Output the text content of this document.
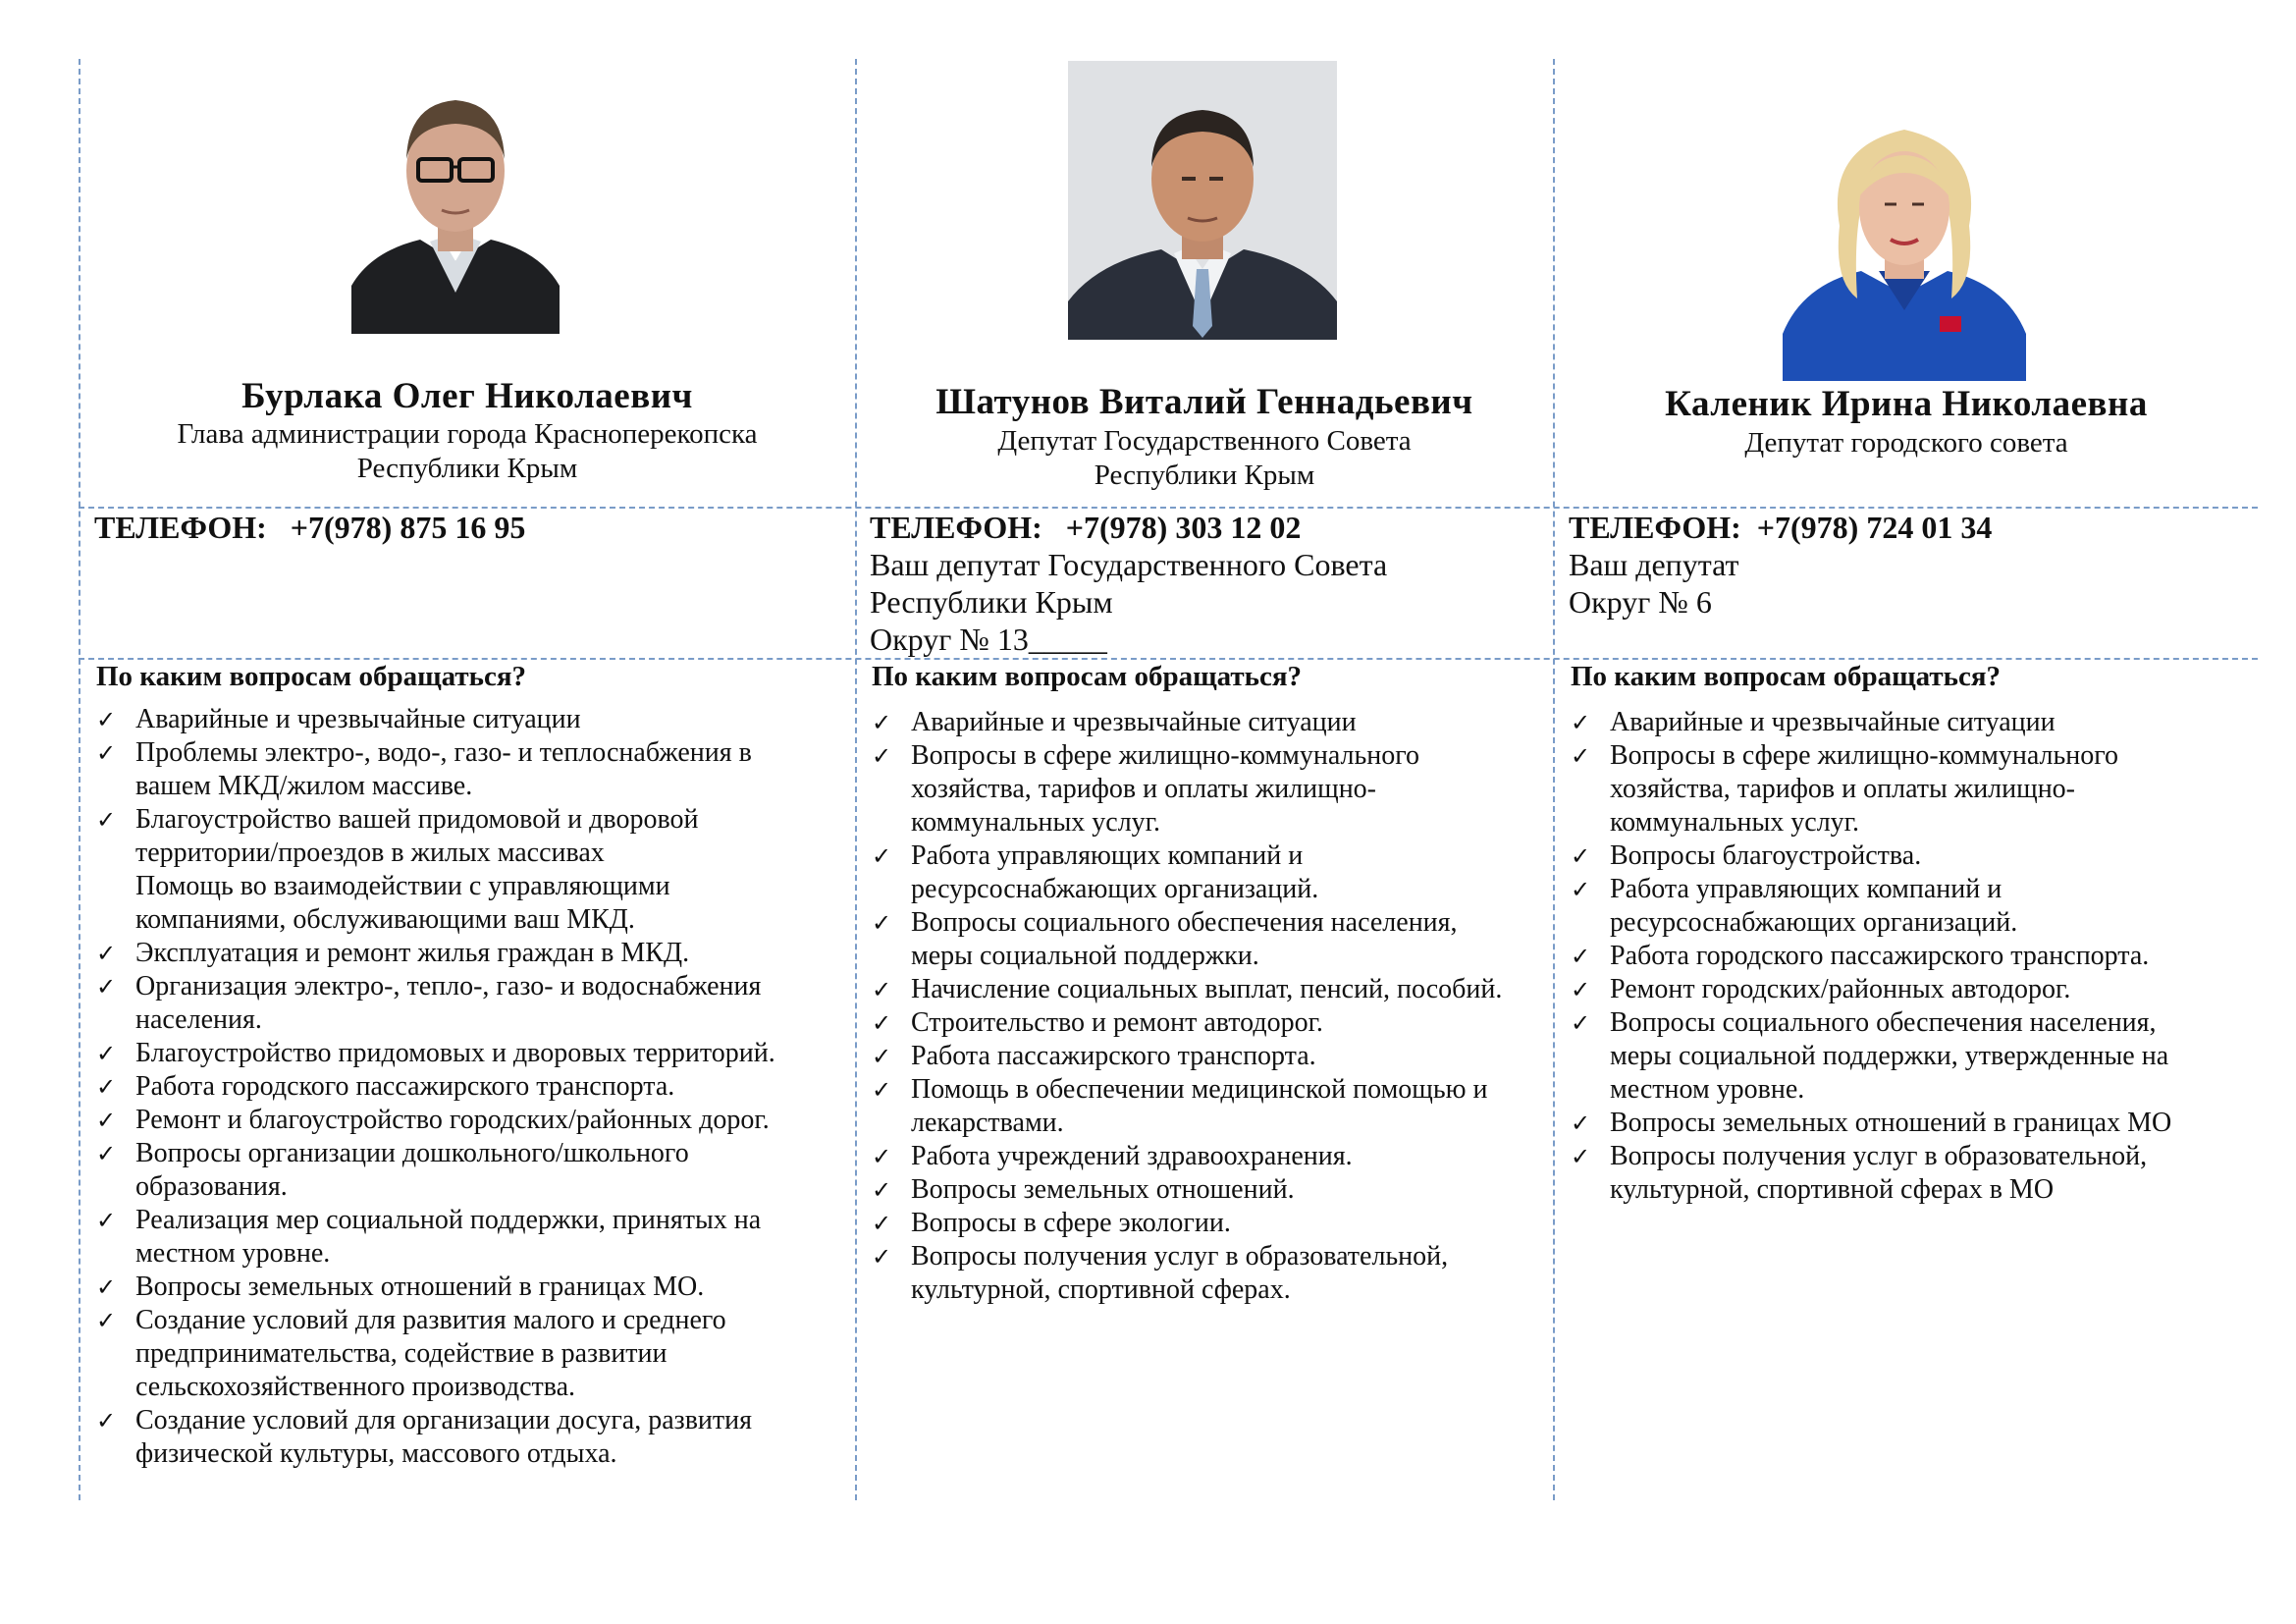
Бурлака Олег Николаевич
Глава администрации города Красноперекопска
Республики Крым
ТЕЛЕФОН: +7(978) 875 16 95
По каким вопросам обращаться?
✓ Аварийные и чрезвычайные ситуации
✓ Проблемы электро-, водо-, газо- и теплоснабжения в
вашем МКД/жилом массиве.
✓ Благоустройство вашей придомовой и дворовой
территории/проездов в жилых массивах
Помощь во взаимодействии с управляющими
компаниями, обслуживающими ваш МКД.
✓ Эксплуатация и ремонт жилья граждан в МКД.
✓ Организация электро-, тепло-, газо- и водоснабжения
населения.
✓ Благоустройство придомовых и дворовых территорий.
✓ Работа городского пассажирского транспорта.
✓ Ремонт и благоустройство городских/районных дорог.
✓ Вопросы организации дошкольного/школьного
образования.
✓ Реализация мер социальной поддержки, принятых на
местном уровне.
✓ Вопросы земельных отношений в границах МО.
✓ Создание условий для развития малого и среднего
предпринимательства, содействие в развитии
сельскохозяйственного производства.
✓ Создание условий для организации досуга, развития
физической культуры, массового отдыха.
Шатунов Виталий Геннадьевич
Депутат Государственного Совета
Республики Крым
ТЕЛЕФОН: +7(978) 303 12 02
Ваш депутат Государственного Совета
Республики Крым
Округ № 13_____
По каким вопросам обращаться?
✓ Аварийные и чрезвычайные ситуации
✓ Вопросы в сфере жилищно-коммунального
хозяйства, тарифов и оплаты жилищно-
коммунальных услуг.
✓ Работа управляющих компаний и
ресурсоснабжающих организаций.
✓ Вопросы социального обеспечения населения,
меры социальной поддержки.
✓ Начисление социальных выплат, пенсий, пособий.
✓ Строительство и ремонт автодорог.
✓ Работа пассажирского транспорта.
✓ Помощь в обеспечении медицинской помощью и
лекарствами.
✓ Работа учреждений здравоохранения.
✓ Вопросы земельных отношений.
✓ Вопросы в сфере экологии.
✓ Вопросы получения услуг в образовательной,
культурной, спортивной сферах.
Каленик Ирина Николаевна
Депутат городского совета
ТЕЛЕФОН: +7(978) 724 01 34
Ваш депутат
Округ № 6
По каким вопросам обращаться?
✓ Аварийные и чрезвычайные ситуации
✓ Вопросы в сфере жилищно-коммунального
хозяйства, тарифов и оплаты жилищно-
коммунальных услуг.
✓ Вопросы благоустройства.
✓ Работа управляющих компаний и
ресурсоснабжающих организаций.
✓ Работа городского пассажирского транспорта.
✓ Ремонт городских/районных автодорог.
✓ Вопросы социального обеспечения населения,
меры социальной поддержки, утвержденные на
местном уровне.
✓ Вопросы земельных отношений в границах МО
✓ Вопросы получения услуг в образовательной,
культурной, спортивной сферах в МО
